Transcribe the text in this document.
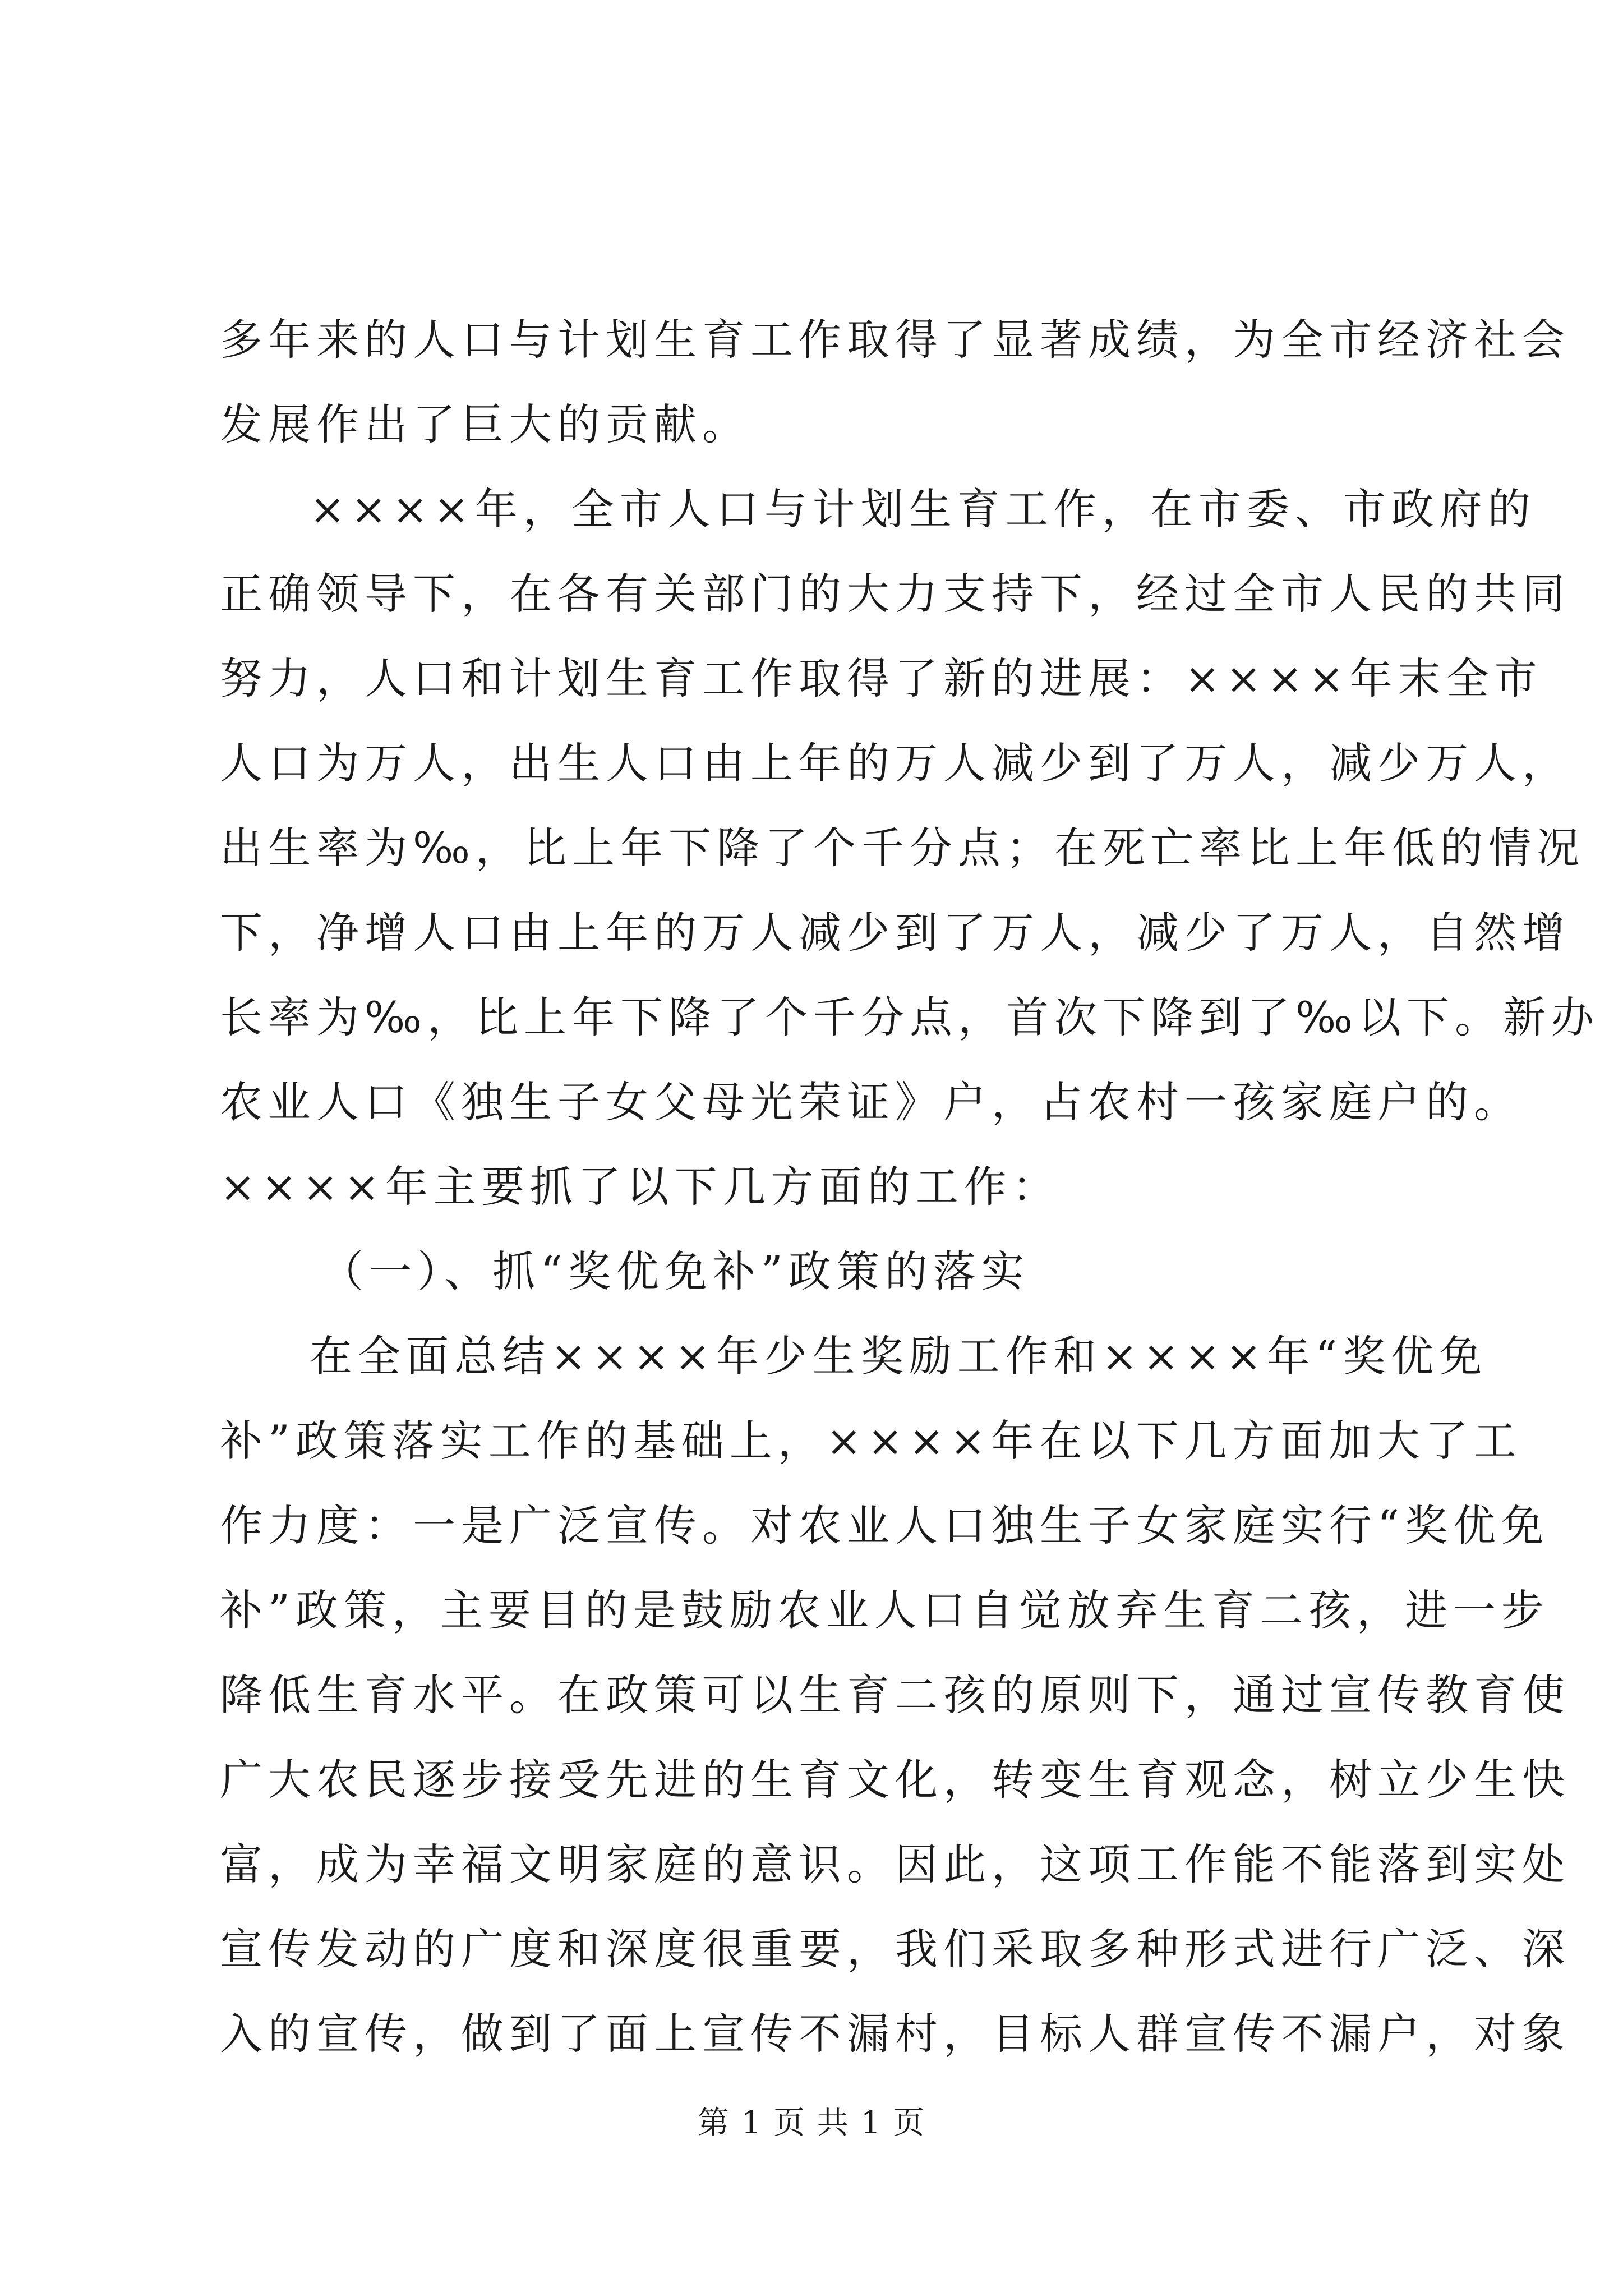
多年来的人口与计划生育工作取得了显著成绩，为全市经济社会
发展作出了巨大的贡献。
××××年，全市人口与计划生育工作，在市委、市政府的
正确领导下，在各有关部门的大力支持下，经过全市人民的共同
努力，人口和计划生育工作取得了新的进展：××××年末全市
人口为万人，出生人口由上年的万人减少到了万人，减少万人，
出生率为‰，比上年下降了个千分点；在死亡率比上年低的情况
下，净增人口由上年的万人减少到了万人，减少了万人，自然增
长率为‰，比上年下降了个千分点，首次下降到了‰以下。新办
农业人口《独生子女父母光荣证》户，占农村一孩家庭户的。
××××年主要抓了以下几方面的工作：
（一）、抓“奖优免补”政策的落实
在全面总结××××年少生奖励工作和××××年“奖优免
补”政策落实工作的基础上，××××年在以下几方面加大了工
作力度：一是广泛宣传。对农业人口独生子女家庭实行“奖优免
补”政策，主要目的是鼓励农业人口自觉放弃生育二孩，进一步
降低生育水平。在政策可以生育二孩的原则下，通过宣传教育使
广大农民逐步接受先进的生育文化，转变生育观念，树立少生快
富，成为幸福文明家庭的意识。因此，这项工作能不能落到实处
宣传发动的广度和深度很重要，我们采取多种形式进行广泛、深
入的宣传，做到了面上宣传不漏村，目标人群宣传不漏户，对象
第 1 页 共 1 页
